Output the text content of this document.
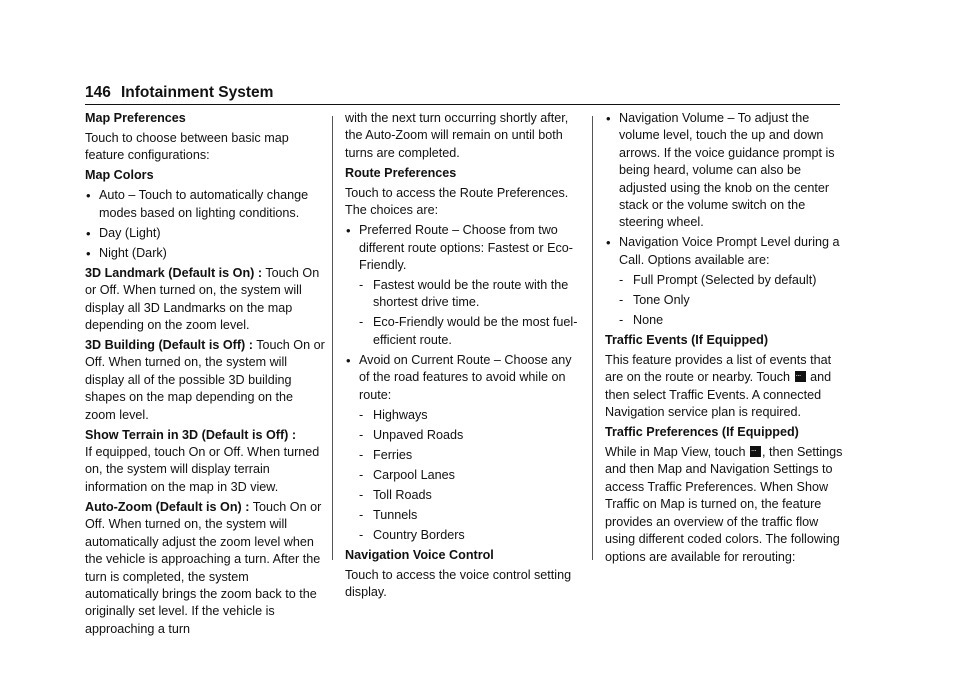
146 Infotainment System

Map Preferences

Touch to choose between basic map feature configurations:

Map Colors

• Auto – Touch to automatically change modes based on lighting conditions.

• Day (Light)

• Night (Dark)

3D Landmark (Default is On) : Touch On or Off. When turned on, the system will display all 3D Landmarks on the map depending on the zoom level.

3D Building (Default is Off) : Touch On or Off. When turned on, the system will display all of the possible 3D building shapes on the map depending on the zoom level.

Show Terrain in 3D (Default is Off) :
If equipped, touch On or Off. When turned on, the system will display terrain information on the map in 3D view.

Auto-Zoom (Default is On) : Touch On or Off. When turned on, the system will automatically adjust the zoom level when the vehicle is approaching a turn. After the turn is completed, the system automatically brings the zoom back to the originally set level. If the vehicle is approaching a turn

with the next turn occurring shortly after, the Auto-Zoom will remain on until both turns are completed.

Route Preferences

Touch to access the Route Preferences. The choices are:

• Preferred Route – Choose from two different route options: Fastest or Eco-Friendly.

- Fastest would be the route with the shortest drive time.

- Eco-Friendly would be the most fuel-efficient route.

• Avoid on Current Route – Choose any of the road features to avoid while on route:

- Highways

- Unpaved Roads

- Ferries

- Carpool Lanes

- Toll Roads

- Tunnels

- Country Borders

Navigation Voice Control

Touch to access the voice control setting display.

• Navigation Volume – To adjust the volume level, touch the up and down arrows. If the voice guidance prompt is being heard, volume can also be adjusted using the knob on the center stack or the volume switch on the steering wheel.

• Navigation Voice Prompt Level during a Call. Options available are:

- Full Prompt (Selected by default)

- Tone Only

- None

Traffic Events (If Equipped)

This feature provides a list of events that are on the route or nearby. Touch ... and then select Traffic Events. A connected Navigation service plan is required.

Traffic Preferences (If Equipped)

While in Map View, touch ... , then Settings and then Map and Navigation Settings to access Traffic Preferences. When Show Traffic on Map is turned on, the feature provides an overview of the traffic flow using different coded colors. The following options are available for rerouting:
